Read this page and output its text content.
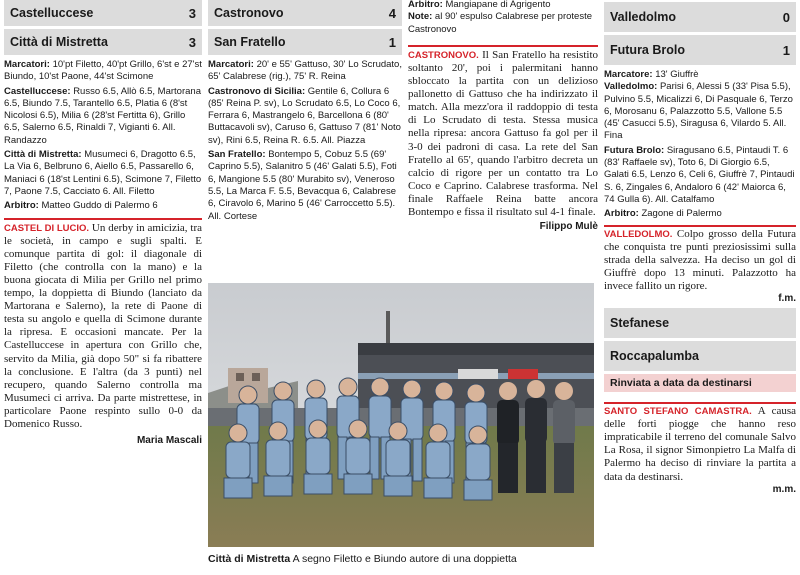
Castelluccese	3
Città di Mistretta	3

Marcatori: 10'pt Filetto, 40'pt Grillo, 6'st e 27'st Biundo, 10'st Paone, 44'st Scimone

Castelluccese: Russo 6.5, Allò 6.5, Martorana 6.5, Biundo 7.5, Tarantello 6.5, Platia 6 (8'st Nicolosi 6.5), Milia 6 (28'st Fertitta 6), Grillo 6.5, Salerno 6.5, Rinaldi 7, Vigianti 6. All. Randazzo

Città di Mistretta: Musumeci 6, Dragotto 6.5, La Via 6, Belbruno 6, Aiello 6.5, Passarello 6, Maniaci 6 (18'st Lentini 6.5), Scimone 7, Filetto 7, Paone 7.5, Cacciato 6. All. Filetto

Arbitro: Matteo Guddo di Palermo 6

CASTEL DI LUCIO. Un derby in amicizia, tra le società, in campo e sugli spalti. E comunque partita di gol: il diagonale di Filetto (che controlla con la mano) e la buona giocata di Milia per Grillo nel primo tempo, la doppietta di Biundo (lanciato da Martorana e Salerno), la rete di Paone di testa su angolo e quella di Scimone durante la ripresa. E occasioni mancate. Per la Castelluccese in apertura con Grillo che, servito da Milia, già dopo 50" si fa ribattere la conclusione. E l'altra (da 3 punti) nel recupero, quando Salerno controlla ma Musumeci ci arriva. Da parte mistrettese, in particolare Paone respinto sullo 0-0 da Domenico Russo.

Maria Mascali
Castronovo	4
San Fratello	1

Marcatori: 20' e 55' Gattuso, 30' Lo Scrudato, 65' Calabrese (rig.), 75' R. Reina

Castronovo di Sicilia: Gentile 6, Collura 6 (85' Reina P. sv), Lo Scrudato 6.5, Lo Coco 6, Ferrara 6, Mastrangelo 6, Barcellona 6 (80' Buttacavoli sv), Caruso 6, Gattuso 7 (81' Noto sv), Rini 6.5, Reina R. 6.5. All. Piazza

San Fratello: Bontempo 5, Cobuz 5.5 (69' Caprino 5.5), Salanitro 5 (46' Galati 5.5), Foti 6, Mangione 5.5 (80' Murabito sv), Veneroso 5.5, La Marca F. 5.5, Bevacqua 6, Calabrese 6, Ciravolo 6, Marino 5 (46' Carroccetto 5.5). All. Cortese

Arbitro: Mangiapane di Agrigento

Note: al 90' espulso Calabrese per proteste Castronovo

CASTRONOVO. Il San Fratello ha resistito soltanto 20', poi i palermitani hanno sbloccato la partita con un delizioso pallonetto di Gattuso che ha indirizzato il match. Alla mezz'ora il raddoppio di testa di Lo Scrudato di testa. Stessa musica nella ripresa: ancora Gattuso fa gol per il 3-0 dei padroni di casa. La rete del San Fratello al 65', quando l'arbitro decreta un calcio di rigore per un contatto tra Lo Coco e Caprino. Calabrese trasforma. Nel finale Raffaele Reina batte ancora Bontempo e fissa il risultato sul 4-1 finale.

Filippo Mulè
Valledolmo	0
Futura Brolo	1

Marcatore: 13' Giuffrè

Valledolmo: Parisi 6, Alessi 5 (33' Pisa 5.5), Pulvino 5.5, Micalizzi 6, Di Pasquale 6, Terzo 6, Morosanu 6, Palazzotto 5.5, Vallone 5.5 (45' Casucci 5.5), Siragusa 6, Vilardo 5. All. Fina

Futura Brolo: Siragusano 6.5, Pintaudi T. 6 (83' Raffaele sv), Toto 6, Di Giorgio 6.5, Galati 6.5, Lenzo 6, Celi 6, Giuffrè 7, Pintaudi S. 6, Zingales 6, Andaloro 6 (42' Maiorca 6, 74 Gulla 6). All. Catalfamo

Arbitro: Zagone di Palermo

VALLEDOLMO. Colpo grosso della Futura che conquista tre punti preziosissimi sulla strada della salvezza. Ha deciso un gol di Giuffrè dopo 13 minuti. Palazzotto ha invece fallito un rigore.

f.m.
Stefanese
Roccapalumba
Rinviata a data da destinarsi

SANTO STEFANO CAMASTRA. A causa delle forti piogge che hanno reso impraticabile il terreno del comunale Salvo La Rosa, il signor Simonpietro La Malfa di Palermo ha deciso di rinviare la partita a data da destinarsi.

m.m.
Città di Mistretta A segno Filetto e Biundo autore di una doppietta
